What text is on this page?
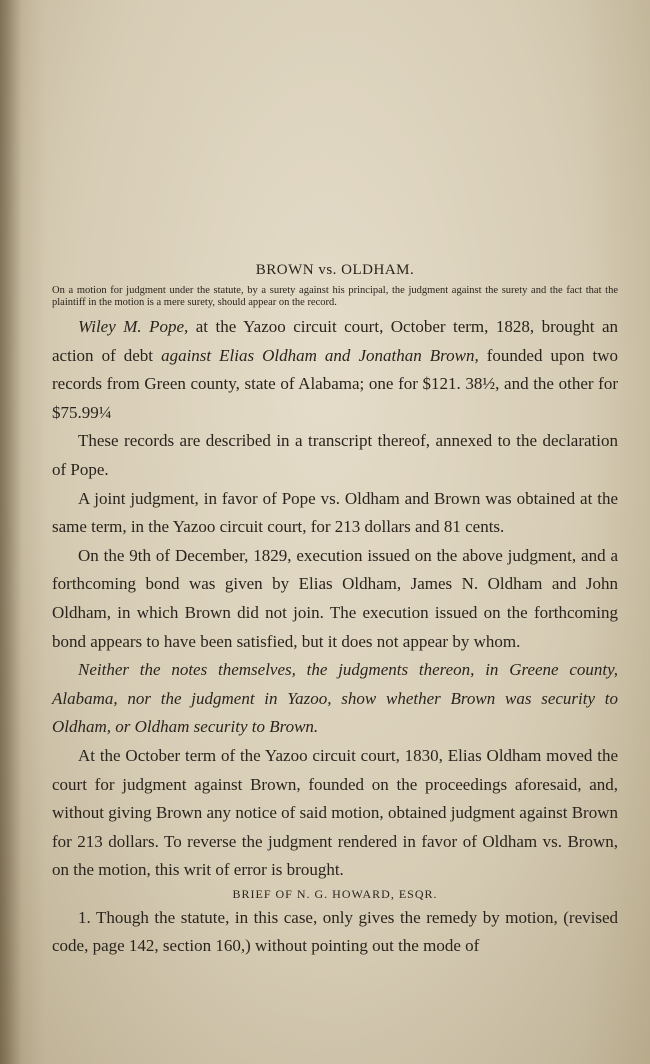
BROWN vs. OLDHAM.

On a motion for judgment under the statute, by a surety against his principal, the judgment against the surety and the fact that the plaintiff in the motion is a mere surety, should appear on the record.

Wiley M. Pope, at the Yazoo circuit court, October term, 1828, brought an action of debt against Elias Oldham and Jonathan Brown, founded upon two records from Green county, state of Alabama; one for $121. 38½, and the other for $75.99¼

These records are described in a transcript thereof, annexed to the declaration of Pope.

A joint judgment, in favor of Pope vs. Oldham and Brown was obtained at the same term, in the Yazoo circuit court, for 213 dollars and 81 cents.

On the 9th of December, 1829, execution issued on the above judgment, and a forthcoming bond was given by Elias Oldham, James N. Oldham and John Oldham, in which Brown did not join. The execution issued on the forthcoming bond appears to have been satisfied, but it does not appear by whom.

Neither the notes themselves, the judgments thereon, in Greene county, Alabama, nor the judgment in Yazoo, show whether Brown was security to Oldham, or Oldham security to Brown.

At the October term of the Yazoo circuit court, 1830, Elias Oldham moved the court for judgment against Brown, founded on the proceedings aforesaid, and, without giving Brown any notice of said motion, obtained judgment against Brown for 213 dollars. To reverse the judgment rendered in favor of Oldham vs. Brown, on the motion, this writ of error is brought.

BRIEF OF N. G. HOWARD, ESQR.

1. Though the statute, in this case, only gives the remedy by motion, (revised code, page 142, section 160,) without pointing out the mode of
